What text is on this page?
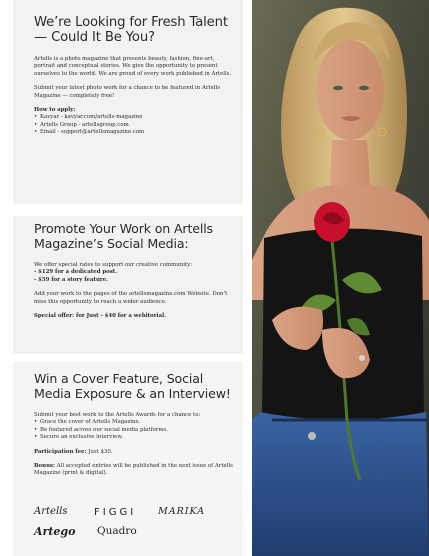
We’re Looking for Fresh Talent — Could It Be You?

Artells is a photo magazine that presents beauty, fashion, fine-art, portrait and conceptual stories. We give the opportunity to present ourselves to the world. We are proud of every work published in Artells.

Submit your latest photo work for a chance to be featured in Artells Magazine — completely free!

How to apply:

• Kavyar - kavyar.com/artells-magazine
• Artells Group - artellsgroup.com
• Email - support@artellsmagazine.com
Promote Your Work on Artells Magazine’s Social Media:

We offer special rates to support our creative community:

- $129 for a dedicated post.

- $59 for a story feature.

Add your work to the pages of the artellsmagazine.com Website. Don’t miss this opportunity to reach a wider audience.

Special offer: for Just - $40 for a webitorial.

Win a Cover Feature, Social Media Exposure & an Interview!

Submit your best work to the Artells Awards for a chance to:

• Grace the cover of Artells Magazine.
• Be featured across our social media platforms.
• Secure an exclusive interview.

Participation fee: Just $30.

Bonus: All accepted entries will be published in the next issue of Artells Magazine (print & digital).

Artells	FIGGI MARIKA
Artego Quadro
